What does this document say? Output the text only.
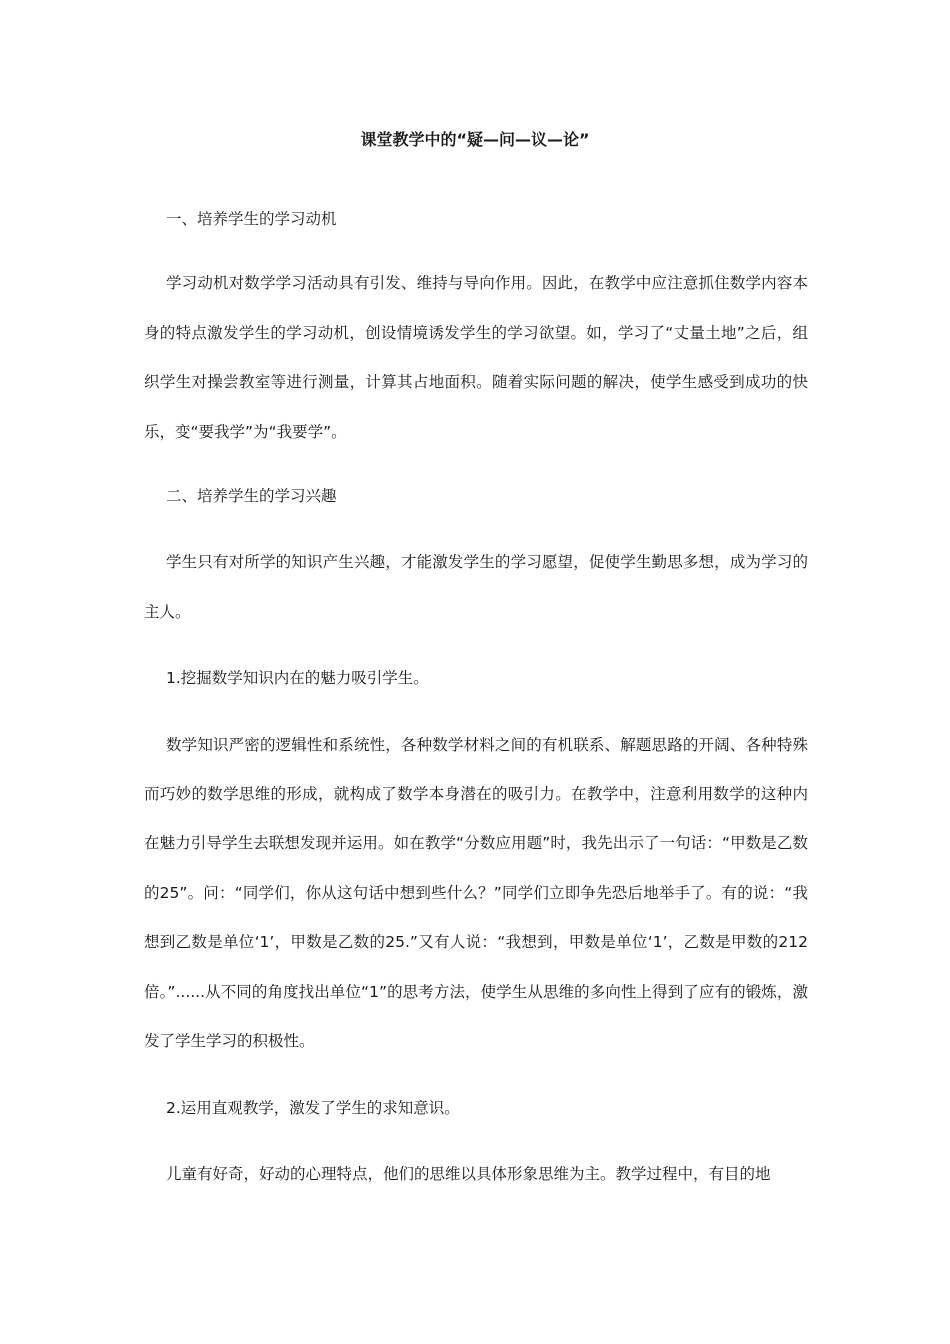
课堂教学中的“疑—问—议—论”

一、培养学生的学习动机

学习动机对数学学习活动具有引发、维持与导向作用。因此，在教学中应注意抓住数学内容本身的特点激发学生的学习动机，创设情境诱发学生的学习欲望。如，学习了“丈量土地”之后，组织学生对操尝教室等进行测量，计算其占地面积。随着实际问题的解决，使学生感受到成功的快乐，变“要我学”为“我要学”。

二、培养学生的学习兴趣

学生只有对所学的知识产生兴趣，才能激发学生的学习愿望，促使学生勤思多想，成为学习的主人。

1.挖掘数学知识内在的魅力吸引学生。

数学知识严密的逻辑性和系统性，各种数学材料之间的有机联系、解题思路的开阔、各种特殊而巧妙的数学思维的形成，就构成了数学本身潜在的吸引力。在教学中，注意利用数学的这种内在魅力引导学生去联想发现并运用。如在教学“分数应用题”时，我先出示了一句话：“甲数是乙数的25”。问：“同学们，你从这句话中想到些什么？”同学们立即争先恐后地举手了。有的说：“我想到乙数是单位‘1’，甲数是乙数的25.”又有人说：“我想到，甲数是单位‘1’，乙数是甲数的212倍。”......从不同的角度找出单位“1”的思考方法，使学生从思维的多向性上得到了应有的锻炼，激发了学生学习的积极性。

2.运用直观教学，激发了学生的求知意识。

儿童有好奇，好动的心理特点，他们的思维以具体形象思维为主。教学过程中，有目的地
